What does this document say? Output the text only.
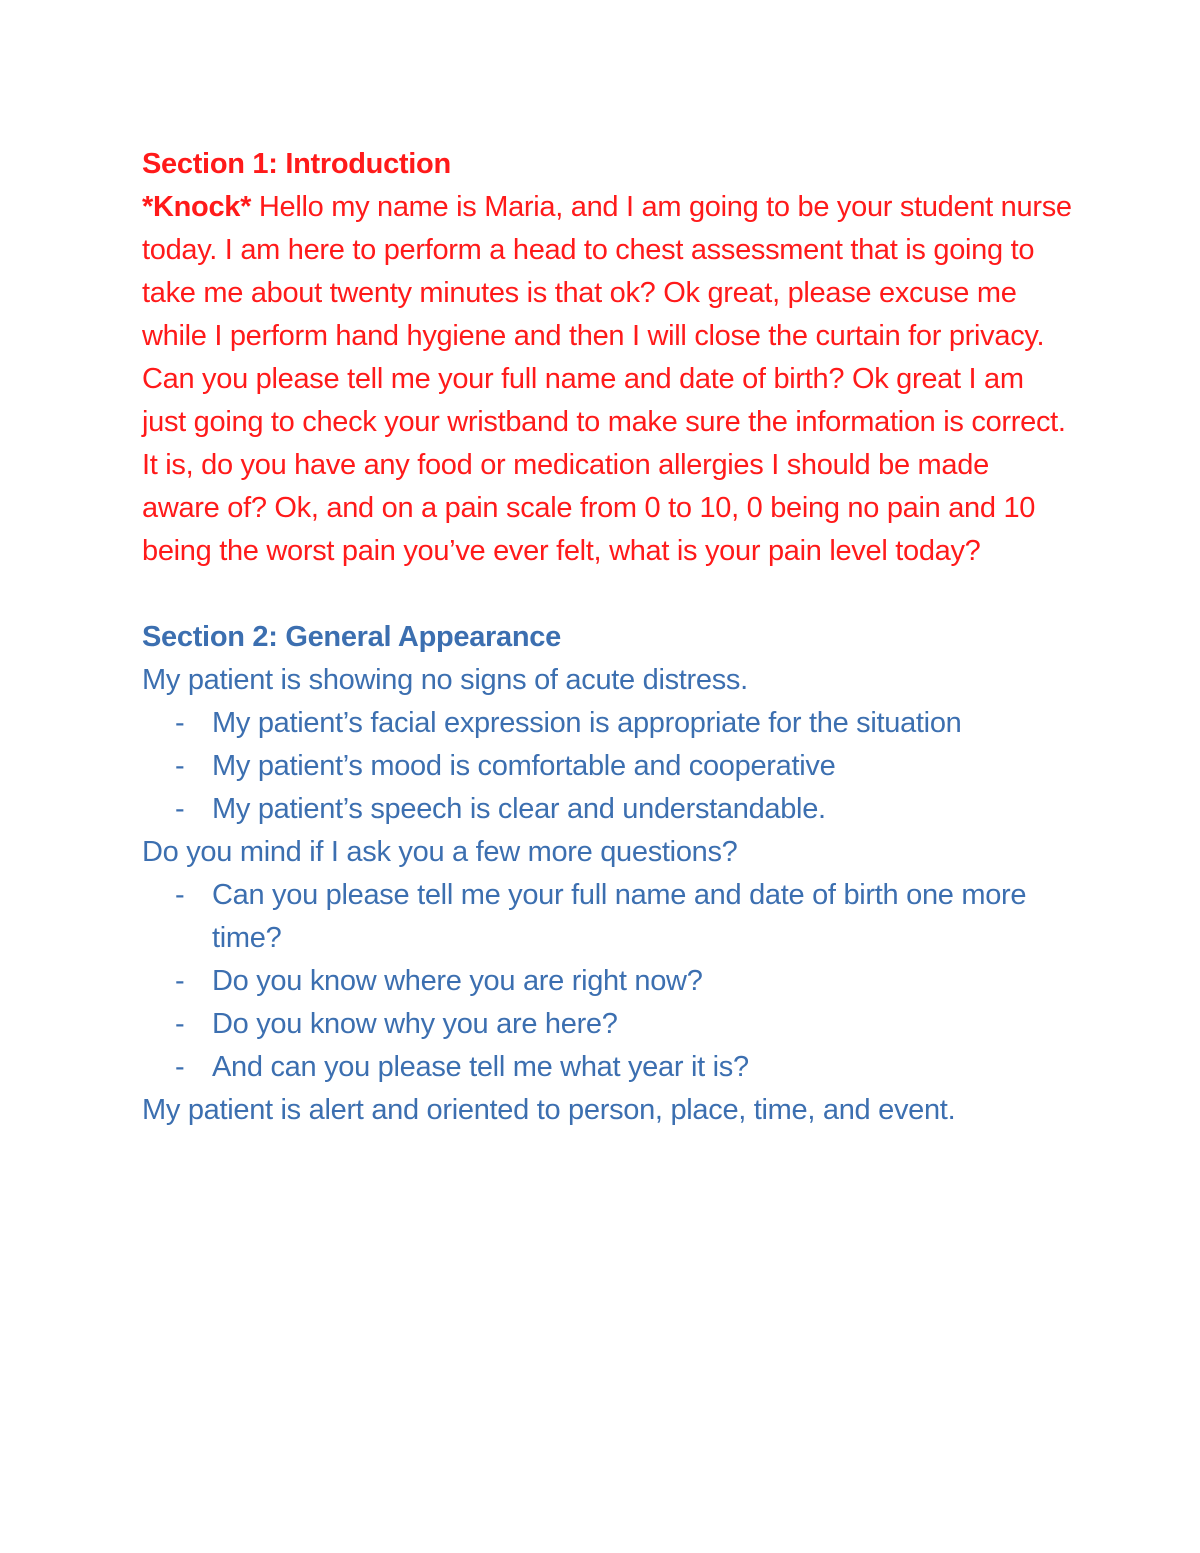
Section 1: Introduction

*Knock* Hello my name is Maria, and I am going to be your student nurse today. I am here to perform a head to chest assessment that is going to take me about twenty minutes is that ok? Ok great, please excuse me while I perform hand hygiene and then I will close the curtain for privacy. Can you please tell me your full name and date of birth? Ok great I am just going to check your wristband to make sure the information is correct. It is, do you have any food or medication allergies I should be made aware of? Ok, and on a pain scale from 0 to 10, 0 being no pain and 10 being the worst pain you’ve ever felt, what is your pain level today?

Section 2: General Appearance

My patient is showing no signs of acute distress.

- My patient’s facial expression is appropriate for the situation
- My patient’s mood is comfortable and cooperative
- My patient’s speech is clear and understandable.

Do you mind if I ask you a few more questions?

- Can you please tell me your full name and date of birth one more time?
- Do you know where you are right now?
- Do you know why you are here?
- And can you please tell me what year it is?

My patient is alert and oriented to person, place, time, and event.
